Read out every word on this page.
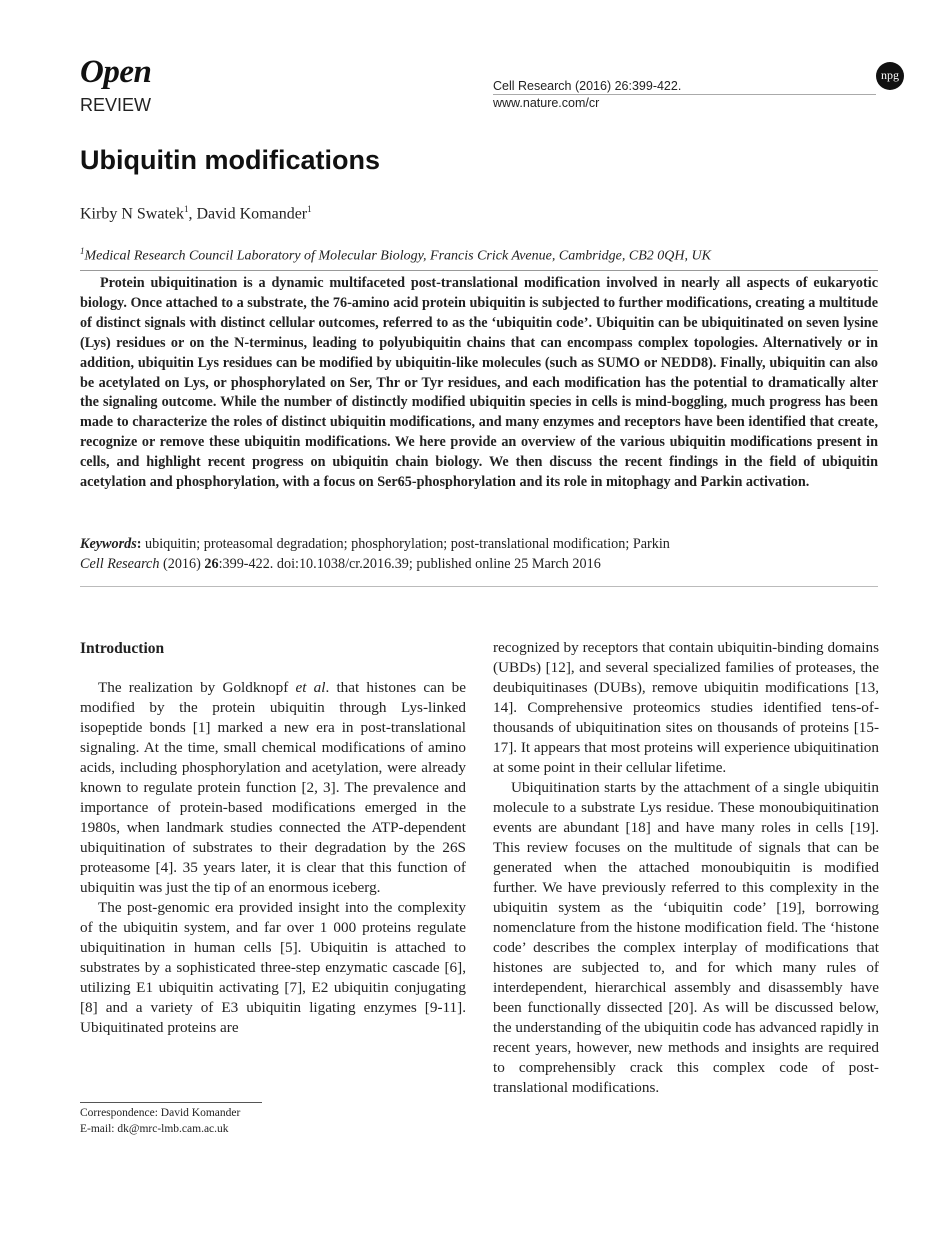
Open
REVIEW
Cell Research (2016) 26:399-422.
www.nature.com/cr
npg
Ubiquitin modifications
Kirby N Swatek$^1$, David Komander$^1$
$^1$Medical Research Council Laboratory of Molecular Biology, Francis Crick Avenue, Cambridge, CB2 0QH, UK

Protein ubiquitination is a dynamic multifaceted post-translational modification involved in nearly all aspects of eukaryotic biology. Once attached to a substrate, the 76-amino acid protein ubiquitin is subjected to further modifications, creating a multitude of distinct signals with distinct cellular outcomes, referred to as the ‘ubiquitin code’. Ubiquitin can be ubiquitinated on seven lysine (Lys) residues or on the N-terminus, leading to polyubiquitin chains that can encompass complex topologies. Alternatively or in addition, ubiquitin Lys residues can be modified by ubiquitin-like molecules (such as SUMO or NEDD8). Finally, ubiquitin can also be acetylated on Lys, or phosphorylated on Ser, Thr or Tyr residues, and each modification has the potential to dramatically alter the signaling outcome. While the number of distinctly modified ubiquitin species in cells is mind-boggling, much progress has been made to characterize the roles of distinct ubiquitin modifications, and many enzymes and receptors have been identified that create, recognize or remove these ubiquitin modifications. We here provide an overview of the various ubiquitin modifications present in cells, and highlight recent progress on ubiquitin chain biology. We then discuss the recent findings in the field of ubiquitin acetylation and phosphorylation, with a focus on Ser65-phosphorylation and its role in mitophagy and Parkin activation.

Keywords: ubiquitin; proteasomal degradation; phosphorylation; post-translational modification; Parkin
Cell Research (2016) 26:399-422. doi:10.1038/cr.2016.39; published online 25 March 2016
Introduction

The realization by Goldknopf et al. that histones can be modified by the protein ubiquitin through Lys-linked isopeptide bonds [1] marked a new era in post-translational signaling. At the time, small chemical modifications of amino acids, including phosphorylation and acetylation, were already known to regulate protein function [2, 3]. The prevalence and importance of protein-based modifications emerged in the 1980s, when landmark studies connected the ATP-dependent ubiquitination of substrates to their degradation by the 26S proteasome [4]. 35 years later, it is clear that this function of ubiquitin was just the tip of an enormous iceberg.

The post-genomic era provided insight into the complexity of the ubiquitin system, and far over 1 000 proteins regulate ubiquitination in human cells [5]. Ubiquitin is attached to substrates by a sophisticated three-step enzymatic cascade [6], utilizing E1 ubiquitin activating [7], E2 ubiquitin conjugating [8] and a variety of E3 ubiquitin ligating enzymes [9-11]. Ubiquitinated proteins are

recognized by receptors that contain ubiquitin-binding domains (UBDs) [12], and several specialized families of proteases, the deubiquitinases (DUBs), remove ubiquitin modifications [13, 14]. Comprehensive proteomics studies identified tens-of-thousands of ubiquitination sites on thousands of proteins [15-17]. It appears that most proteins will experience ubiquitination at some point in their cellular lifetime.

Ubiquitination starts by the attachment of a single ubiquitin molecule to a substrate Lys residue. These monoubiquitination events are abundant [18] and have many roles in cells [19]. This review focuses on the multitude of signals that can be generated when the attached monoubiquitin is modified further. We have previously referred to this complexity in the ubiquitin system as the ‘ubiquitin code’ [19], borrowing nomenclature from the histone modification field. The ‘histone code’ describes the complex interplay of modifications that histones are subjected to, and for which many rules of interdependent, hierarchical assembly and disassembly have been functionally dissected [20]. As will be discussed below, the understanding of the ubiquitin code has advanced rapidly in recent years, however, new methods and insights are required to comprehensibly crack this complex code of post-translational modifications.

Correspondence: David Komander
E-mail: dk@mrc-lmb.cam.ac.uk
